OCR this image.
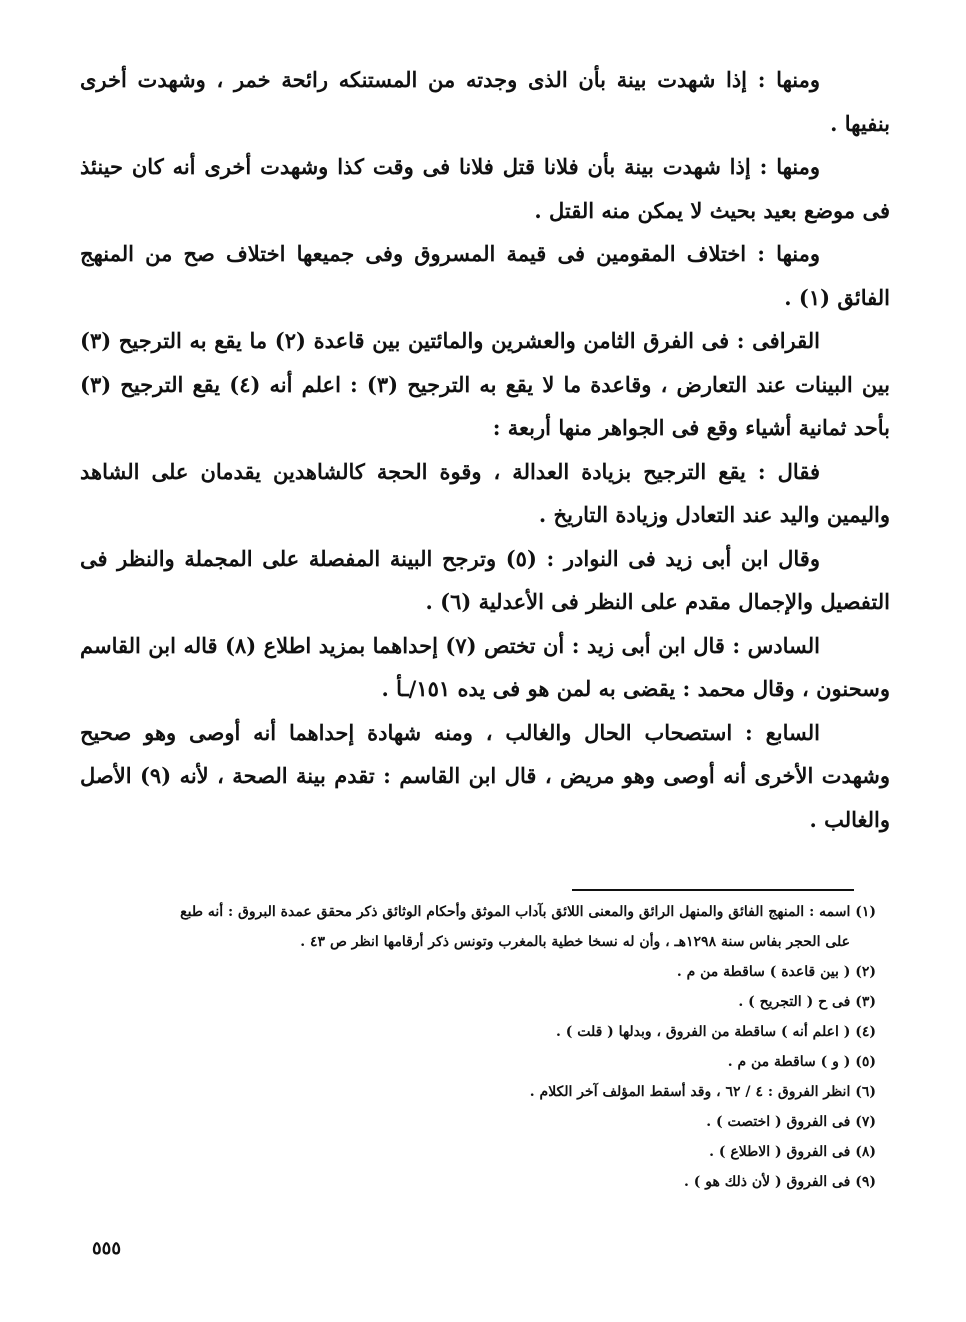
ومنها : إذا شهدت بينة بأن الذى وجدته من المستنكه رائحة خمر ، وشهدت أخرى بنفيها .

ومنها : إذا شهدت بينة بأن فلانا قتل فلانا فى وقت كذا وشهدت أخرى أنه كان حينئذ فى موضع بعيد بحيث لا يمكن منه القتل .

ومنها : اختلاف المقومين فى قيمة المسروق وفى جميعها اختلاف صح من المنهج الفائق (١) .

القرافى : فى الفرق الثامن والعشرين والمائتين بين قاعدة (٢) ما يقع به الترجيح (٣) بين البينات عند التعارض ، وقاعدة ما لا يقع به الترجيح (٣) : اعلم أنه (٤) يقع الترجيح (٣) بأحد ثمانية أشياء وقع فى الجواهر منها أربعة :

فقال : يقع الترجيح بزيادة العدالة ، وقوة الحجة كالشاهدين يقدمان على الشاهد واليمين واليد عند التعادل وزيادة التاريخ .

وقال ابن أبى زيد فى النوادر : (٥) وترجح البينة المفصلة على المجملة والنظر فى التفصيل والإجمال مقدم على النظر فى الأعدلية (٦) .

السادس : قال ابن أبى زيد : أن تختص (٧) إحداهما بمزيد اطلاع (٨) قاله ابن القاسم وسحنون ، وقال محمد : يقضى به لمن هو فى يده ١٥١/ـأ .

السابع : استصحاب الحال والغالب ، ومنه شهادة إحداهما أنه أوصى وهو صحيح وشهدت الأخرى أنه أوصى وهو مريض ، قال ابن القاسم : تقدم بينة الصحة ، لأنه (٩) الأصل والغالب .

(١) اسمه : المنهج الفائق والمنهل الرائق والمعنى اللائق بآداب الموثق وأحكام الوثائق ذكر محقق عمدة البروق : أنه طبع

على الحجر بفاس سنة ١٢٩٨هـ ، وأن له نسخا خطية بالمغرب وتونس ذكر أرقامها انظر ص ٤٣ .

(٢) ( بين قاعدة ) ساقطة من م .

(٣) فى ح ( التجريح ) .

(٤) ( اعلم أنه ) ساقطة من الفروق ، وبدلها ( قلت ) .

(٥) ( و ) ساقطة من م .

(٦) انظر الفروق : ٤ / ٦٢ ، وقد أسقط المؤلف آخر الكلام .

(٧) فى الفروق ( اختصت ) .

(٨) فى الفروق ( الاطلاع ) .

(٩) فى الفروق ( لأن ذلك هو ) .

٥٥٥
